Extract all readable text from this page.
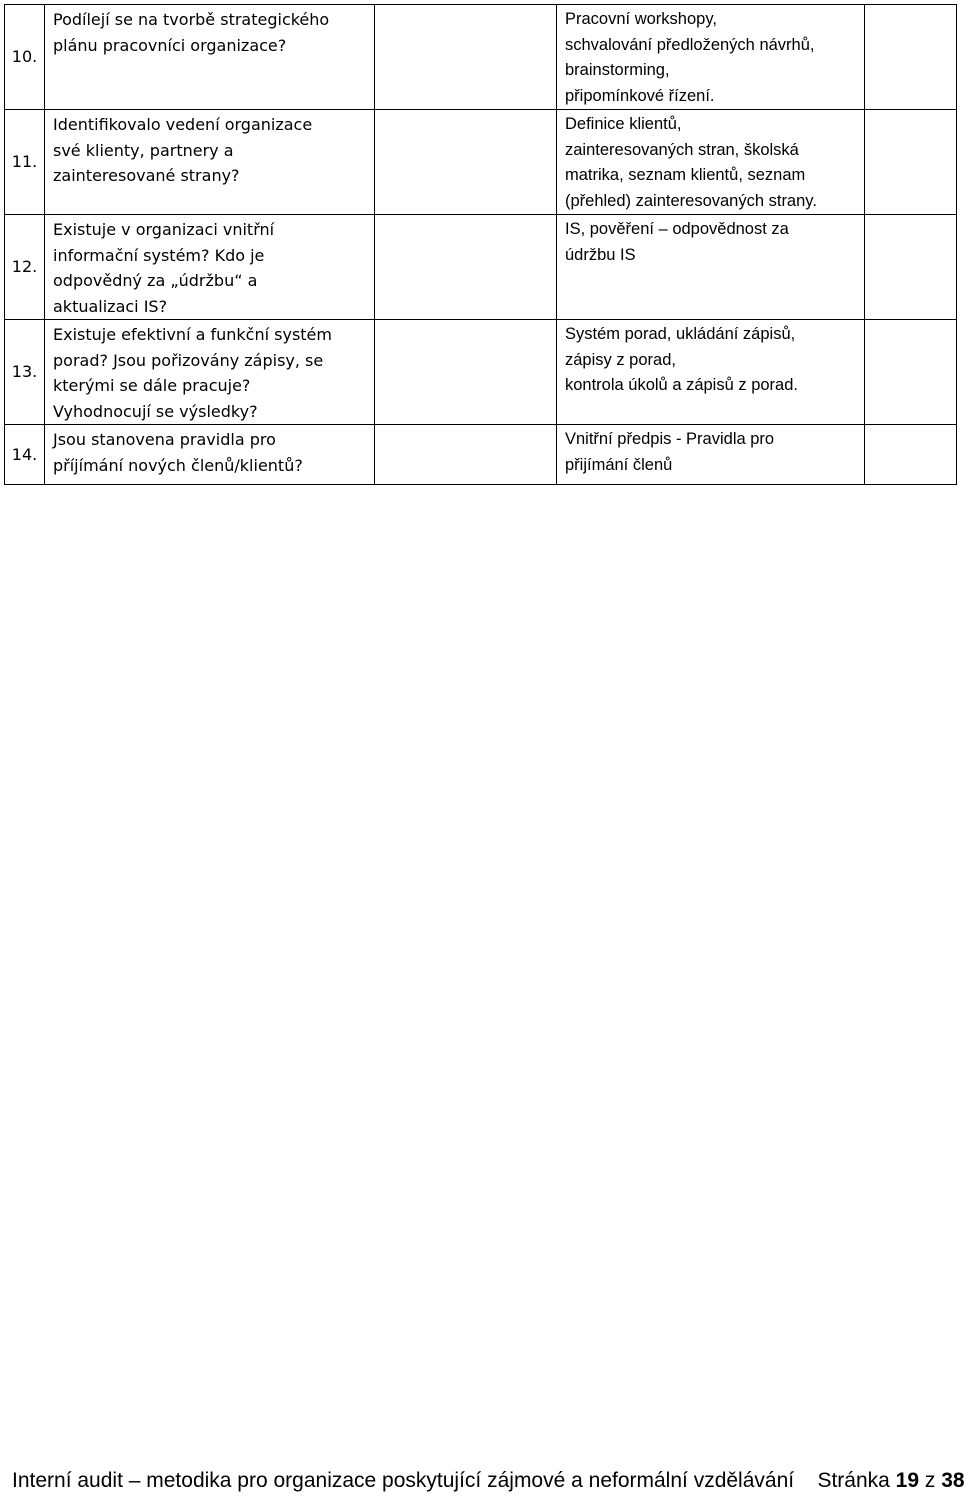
10.	Podílejí se na tvorbě strategického
plánu pracovníci organizace?		Pracovní workshopy,
schvalování předložených návrhů,
brainstorming,
připomínkové řízení.	
11.	Identifikovalo vedení organizace
své klienty, partnery a
zainteresované strany?		Definice klientů,
zainteresovaných stran, školská
matrika, seznam klientů, seznam
(přehled) zainteresovaných strany.	
12.	Existuje v organizaci vnitřní
informační systém? Kdo je
odpovědný za „údržbu“ a
aktualizaci IS?		IS, pověření – odpovědnost za
údržbu IS	
13.	Existuje efektivní a funkční systém
porad? Jsou pořizovány zápisy, se
kterými se dále pracuje?
Vyhodnocují se výsledky?		Systém porad, ukládání zápisů,
zápisy z porad,
kontrola úkolů a zápisů z porad.	
14.	Jsou stanovena pravidla pro
příjímání nových členů/klientů?		Vnitřní předpis - Pravidla pro
přijímání členů	
Interní audit – metodika pro organizace poskytující zájmové a neformální vzdělávání Stránka 19 z 38
